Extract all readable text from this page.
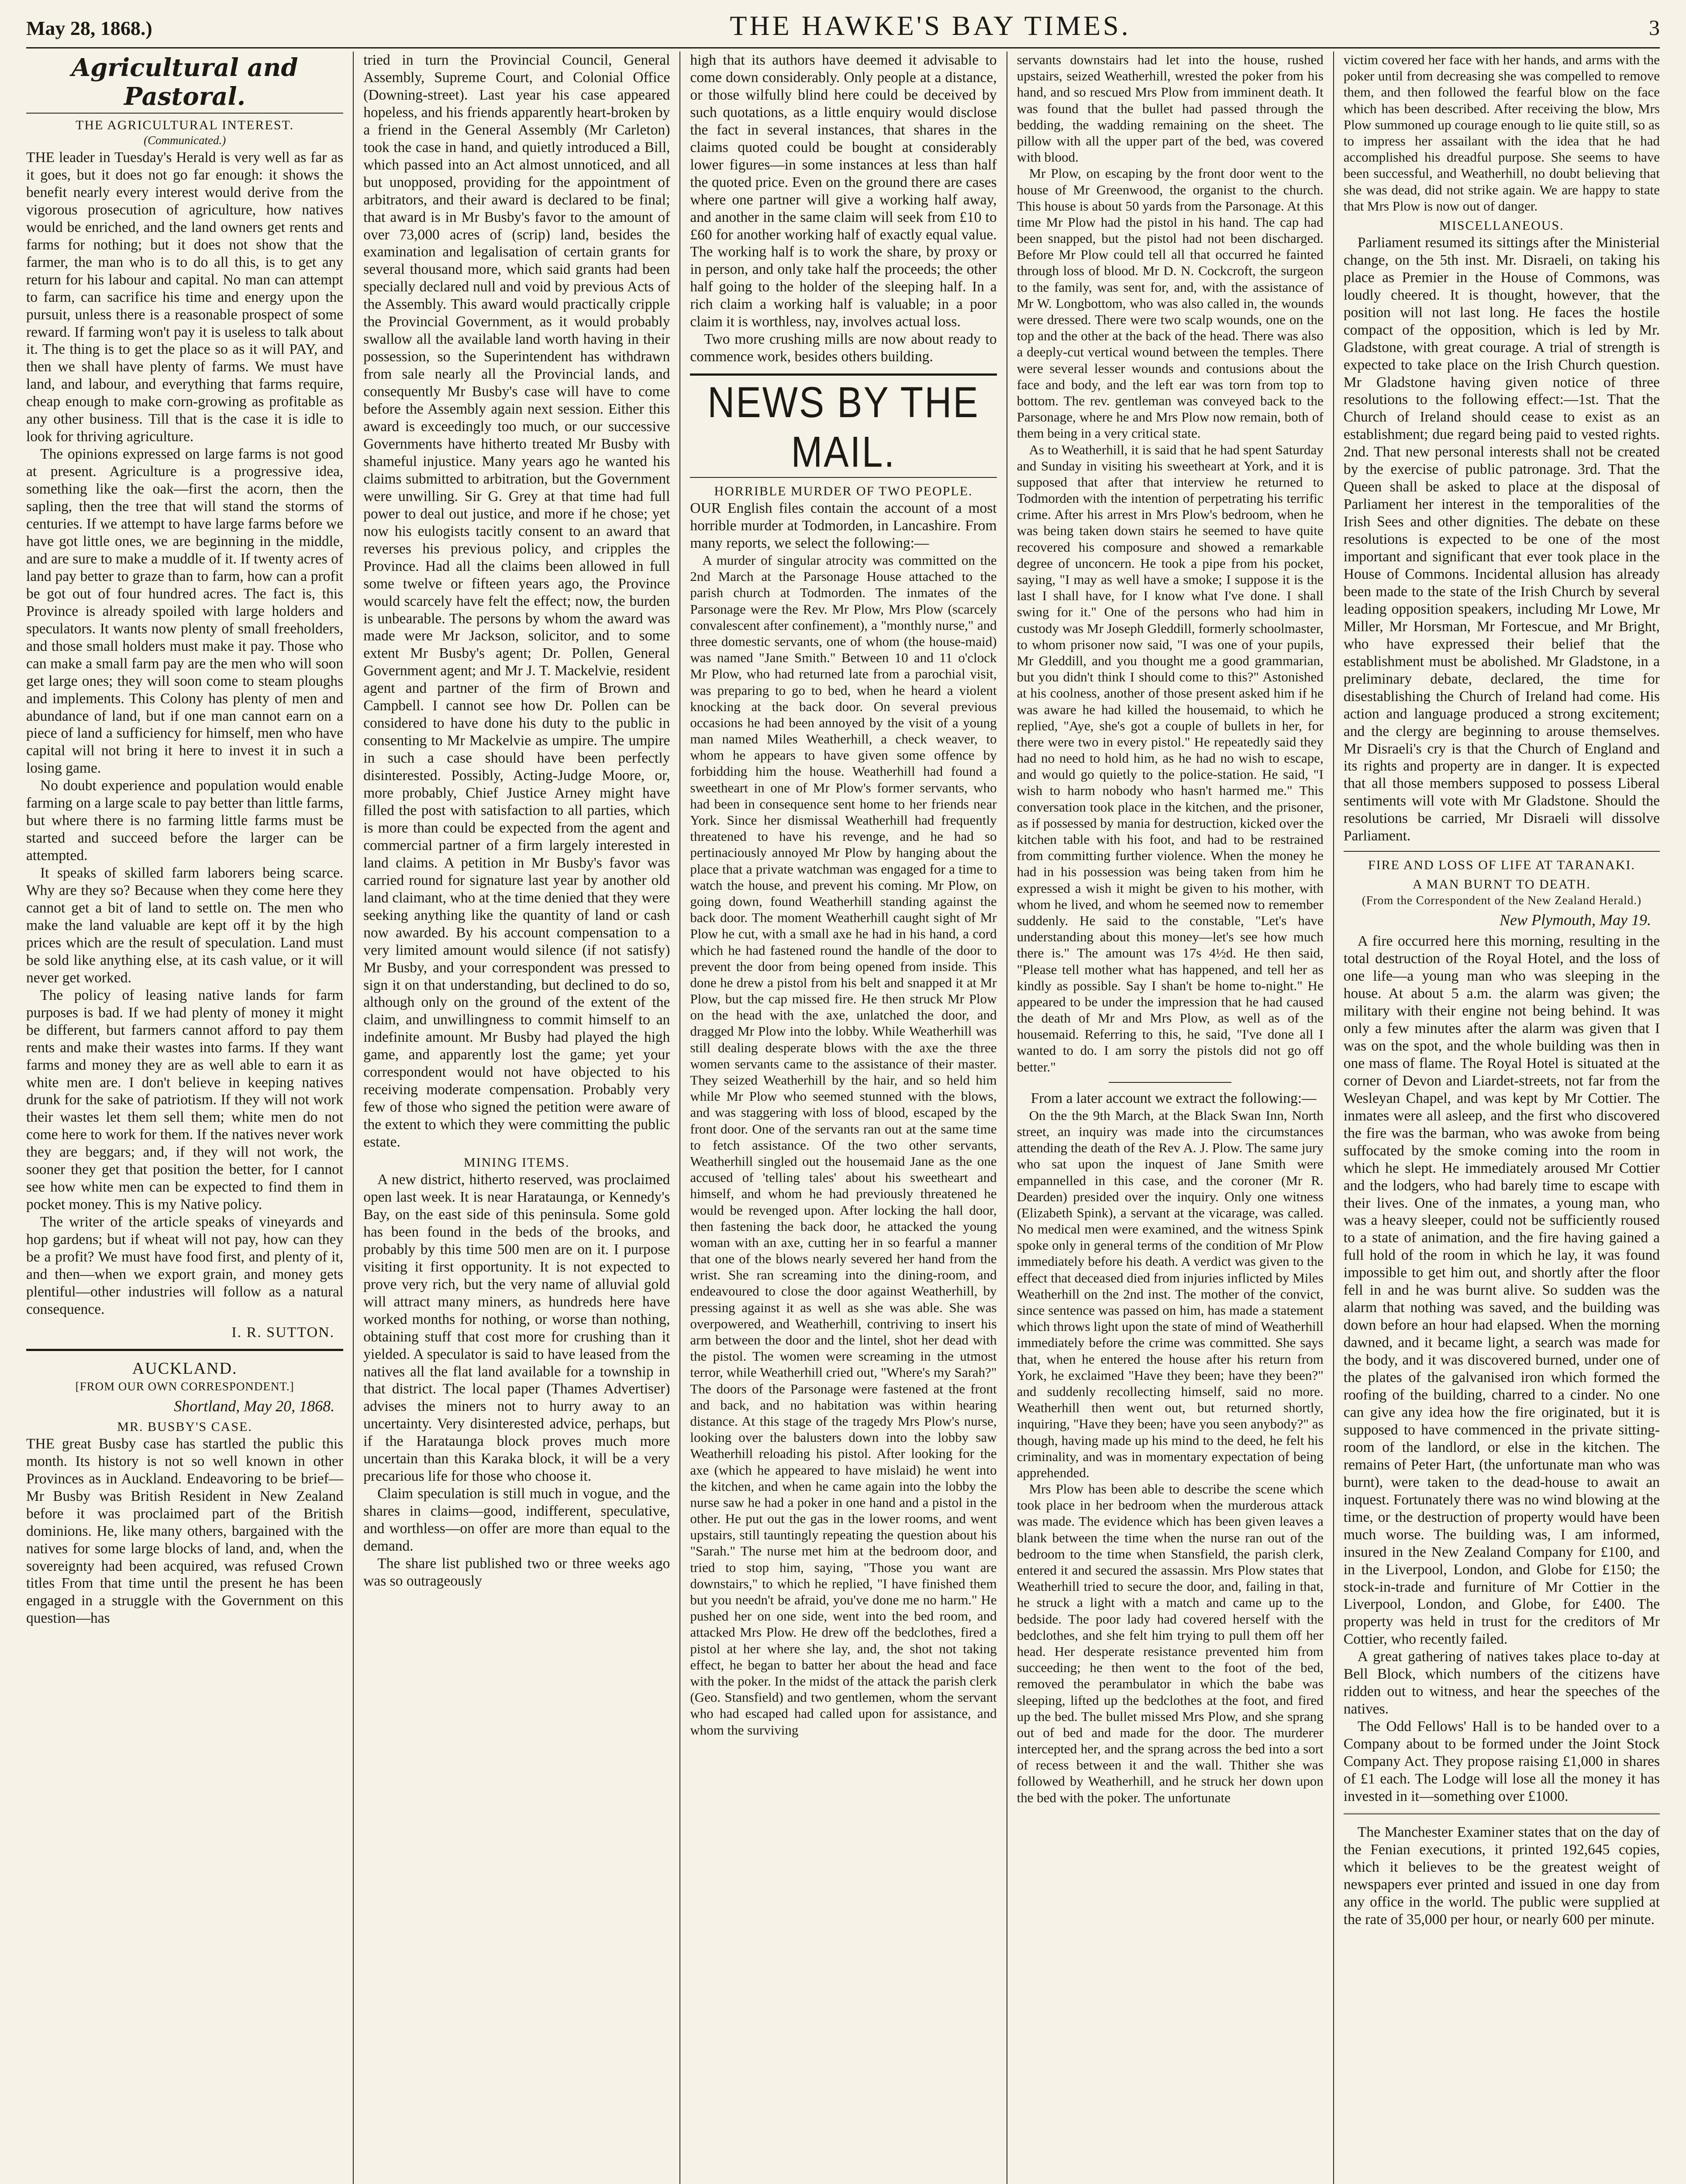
May 28, 1868.)	THE HAWKE'S BAY TIMES.	3
Agricultural and Pastoral.
THE AGRICULTURAL INTEREST.
(Communicated.)

THE leader in Tuesday's Herald is very well as far as it goes, but it does not go far enough: it shows the benefit nearly every interest would derive from the vigorous prosecution of agriculture, how natives would be enriched, and the land owners get rents and farms for nothing; but it does not show that the farmer, the man who is to do all this, is to get any return for his labour and capital. No man can attempt to farm, can sacrifice his time and energy upon the pursuit, unless there is a reasonable prospect of some reward. If farming won't pay it is useless to talk about it. The thing is to get the place so as it will PAY, and then we shall have plenty of farms. We must have land, and labour, and everything that farms require, cheap enough to make corn-growing as profitable as any other business. Till that is the case it is idle to look for thriving agriculture.

The opinions expressed on large farms is not good at present. Agriculture is a progressive idea, something like the oak—first the acorn, then the sapling, then the tree that will stand the storms of centuries. If we attempt to have large farms before we have got little ones, we are beginning in the middle, and are sure to make a muddle of it. If twenty acres of land pay better to graze than to farm, how can a profit be got out of four hundred acres. The fact is, this Province is already spoiled with large holders and speculators. It wants now plenty of small freeholders, and those small holders must make it pay. Those who can make a small farm pay are the men who will soon get large ones; they will soon come to steam ploughs and implements. This Colony has plenty of men and abundance of land, but if one man cannot earn on a piece of land a sufficiency for himself, men who have capital will not bring it here to invest it in such a losing game.

No doubt experience and population would enable farming on a large scale to pay better than little farms, but where there is no farming little farms must be started and succeed before the larger can be attempted.

It speaks of skilled farm laborers being scarce. Why are they so? Because when they come here they cannot get a bit of land to settle on. The men who make the land valuable are kept off it by the high prices which are the result of speculation. Land must be sold like anything else, at its cash value, or it will never get worked.

The policy of leasing native lands for farm purposes is bad. If we had plenty of money it might be different, but farmers cannot afford to pay them rents and make their wastes into farms. If they want farms and money they are as well able to earn it as white men are. I don't believe in keeping natives drunk for the sake of patriotism. If they will not work their wastes let them sell them; white men do not come here to work for them. If the natives never work they are beggars; and, if they will not work, the sooner they get that position the better, for I cannot see how white men can be expected to find them in pocket money. This is my Native policy.

The writer of the article speaks of vineyards and hop gardens; but if wheat will not pay, how can they be a profit? We must have food first, and plenty of it, and then—when we export grain, and money gets plentiful—other industries will follow as a natural consequence.

I. R. SUTTON.
AUCKLAND.
[FROM OUR OWN CORRESPONDENT.]
Shortland, May 20, 1868.
MR. BUSBY'S CASE.

THE great Busby case has startled the public this month. Its history is not so well known in other Provinces as in Auckland. Endeavoring to be brief—Mr Busby was British Resident in New Zealand before it was proclaimed part of the British dominions. He, like many others, bargained with the natives for some large blocks of land, and, when the sovereignty had been acquired, was refused Crown titles From that time until the present he has been engaged in a struggle with the Government on this question—has

tried in turn the Provincial Council, General Assembly, Supreme Court, and Colonial Office (Downing-street). Last year his case appeared hopeless, and his friends apparently heart-broken by a friend in the General Assembly (Mr Carleton) took the case in hand, and quietly introduced a Bill, which passed into an Act almost unnoticed, and all but unopposed, providing for the appointment of arbitrators, and their award is declared to be final; that award is in Mr Busby's favor to the amount of over 73,000 acres of (scrip) land, besides the examination and legalisation of certain grants for several thousand more, which said grants had been specially declared null and void by previous Acts of the Assembly. This award would practically cripple the Provincial Government, as it would probably swallow all the available land worth having in their possession, so the Superintendent has withdrawn from sale nearly all the Provincial lands, and consequently Mr Busby's case will have to come before the Assembly again next session. Either this award is exceedingly too much, or our successive Governments have hitherto treated Mr Busby with shameful injustice. Many years ago he wanted his claims submitted to arbitration, but the Government were unwilling. Sir G. Grey at that time had full power to deal out justice, and more if he chose; yet now his eulogists tacitly consent to an award that reverses his previous policy, and cripples the Province. Had all the claims been allowed in full some twelve or fifteen years ago, the Province would scarcely have felt the effect; now, the burden is unbearable. The persons by whom the award was made were Mr Jackson, solicitor, and to some extent Mr Busby's agent; Dr. Pollen, General Government agent; and Mr J. T. Mackelvie, resident agent and partner of the firm of Brown and Campbell. I cannot see how Dr. Pollen can be considered to have done his duty to the public in consenting to Mr Mackelvie as umpire. The umpire in such a case should have been perfectly disinterested. Possibly, Acting-Judge Moore, or, more probably, Chief Justice Arney might have filled the post with satisfaction to all parties, which is more than could be expected from the agent and commercial partner of a firm largely interested in land claims. A petition in Mr Busby's favor was carried round for signature last year by another old land claimant, who at the time denied that they were seeking anything like the quantity of land or cash now awarded. By his account compensation to a very limited amount would silence (if not satisfy) Mr Busby, and your correspondent was pressed to sign it on that understanding, but declined to do so, although only on the ground of the extent of the claim, and unwillingness to commit himself to an indefinite amount. Mr Busby had played the high game, and apparently lost the game; yet your correspondent would not have objected to his receiving moderate compensation. Probably very few of those who signed the petition were aware of the extent to which they were committing the public estate.

MINING ITEMS.

A new district, hitherto reserved, was proclaimed open last week. It is near Harataunga, or Kennedy's Bay, on the east side of this peninsula. Some gold has been found in the beds of the brooks, and probably by this time 500 men are on it. I purpose visiting it first opportunity. It is not expected to prove very rich, but the very name of alluvial gold will attract many miners, as hundreds here have worked months for nothing, or worse than nothing, obtaining stuff that cost more for crushing than it yielded. A speculator is said to have leased from the natives all the flat land available for a township in that district. The local paper (Thames Advertiser) advises the miners not to hurry away to an uncertainty. Very disinterested advice, perhaps, but if the Harataunga block proves much more uncertain than this Karaka block, it will be a very precarious life for those who choose it.

Claim speculation is still much in vogue, and the shares in claims—good, indifferent, speculative, and worthless—on offer are more than equal to the demand.

The share list published two or three weeks ago was so outrageously

high that its authors have deemed it advisable to come down considerably. Only people at a distance, or those wilfully blind here could be deceived by such quotations, as a little enquiry would disclose the fact in several instances, that shares in the claims quoted could be bought at considerably lower figures—in some instances at less than half the quoted price. Even on the ground there are cases where one partner will give a working half away, and another in the same claim will seek from £10 to £60 for another working half of exactly equal value. The working half is to work the share, by proxy or in person, and only take half the proceeds; the other half going to the holder of the sleeping half. In a rich claim a working half is valuable; in a poor claim it is worthless, nay, involves actual loss.

Two more crushing mills are now about ready to commence work, besides others building.

NEWS BY THE MAIL.
HORRIBLE MURDER OF TWO PEOPLE.

OUR English files contain the account of a most horrible murder at Todmorden, in Lancashire. From many reports, we select the following:—

A murder of singular atrocity was committed on the 2nd March at the Parsonage House attached to the parish church at Todmorden. The inmates of the Parsonage were the Rev. Mr Plow, Mrs Plow (scarcely convalescent after confinement), a "monthly nurse," and three domestic servants, one of whom (the house-maid) was named "Jane Smith." Between 10 and 11 o'clock Mr Plow, who had returned late from a parochial visit, was preparing to go to bed, when he heard a violent knocking at the back door. On several previous occasions he had been annoyed by the visit of a young man named Miles Weatherhill, a check weaver, to whom he appears to have given some offence by forbidding him the house. Weatherhill had found a sweetheart in one of Mr Plow's former servants, who had been in consequence sent home to her friends near York. Since her dismissal Weatherhill had frequently threatened to have his revenge, and he had so pertinaciously annoyed Mr Plow by hanging about the place that a private watchman was engaged for a time to watch the house, and prevent his coming. Mr Plow, on going down, found Weatherhill standing against the back door. The moment Weatherhill caught sight of Mr Plow he cut, with a small axe he had in his hand, a cord which he had fastened round the handle of the door to prevent the door from being opened from inside. This done he drew a pistol from his belt and snapped it at Mr Plow, but the cap missed fire. He then struck Mr Plow on the head with the axe, unlatched the door, and dragged Mr Plow into the lobby. While Weatherhill was still dealing desperate blows with the axe the three women servants came to the assistance of their master. They seized Weatherhill by the hair, and so held him while Mr Plow who seemed stunned with the blows, and was staggering with loss of blood, escaped by the front door. One of the servants ran out at the same time to fetch assistance. Of the two other servants, Weatherhill singled out the housemaid Jane as the one accused of 'telling tales' about his sweetheart and himself, and whom he had previously threatened he would be revenged upon. After locking the hall door, then fastening the back door, he attacked the young woman with an axe, cutting her in so fearful a manner that one of the blows nearly severed her hand from the wrist. She ran screaming into the dining-room, and endeavoured to close the door against Weatherhill, by pressing against it as well as she was able. She was overpowered, and Weatherhill, contriving to insert his arm between the door and the lintel, shot her dead with the pistol. The women were screaming in the utmost terror, while Weatherhill cried out, "Where's my Sarah?" The doors of the Parsonage were fastened at the front and back, and no habitation was within hearing distance. At this stage of the tragedy Mrs Plow's nurse, looking over the balusters down into the lobby saw Weatherhill reloading his pistol. After looking for the axe (which he appeared to have mislaid) he went into the kitchen, and when he came again into the lobby the nurse saw he had a poker in one hand and a pistol in the other. He put out the gas in the lower rooms, and went upstairs, still tauntingly repeating the question about his "Sarah." The nurse met him at the bedroom door, and tried to stop him, saying, "Those you want are downstairs," to which he replied, "I have finished them but you needn't be afraid, you've done me no harm." He pushed her on one side, went into the bed room, and attacked Mrs Plow. He drew off the bedclothes, fired a pistol at her where she lay, and, the shot not taking effect, he began to batter her about the head and face with the poker. In the midst of the attack the parish clerk (Geo. Stansfield) and two gentlemen, whom the servant who had escaped had called upon for assistance, and whom the surviving

servants downstairs had let into the house, rushed upstairs, seized Weatherhill, wrested the poker from his hand, and so rescued Mrs Plow from imminent death. It was found that the bullet had passed through the bedding, the wadding remaining on the sheet. The pillow with all the upper part of the bed, was covered with blood.

Mr Plow, on escaping by the front door went to the house of Mr Greenwood, the organist to the church. This house is about 50 yards from the Parsonage. At this time Mr Plow had the pistol in his hand. The cap had been snapped, but the pistol had not been discharged. Before Mr Plow could tell all that occurred he fainted through loss of blood. Mr D. N. Cockcroft, the surgeon to the family, was sent for, and, with the assistance of Mr W. Longbottom, who was also called in, the wounds were dressed. There were two scalp wounds, one on the top and the other at the back of the head. There was also a deeply-cut vertical wound between the temples. There were several lesser wounds and contusions about the face and body, and the left ear was torn from top to bottom. The rev. gentleman was conveyed back to the Parsonage, where he and Mrs Plow now remain, both of them being in a very critical state.

As to Weatherhill, it is said that he had spent Saturday and Sunday in visiting his sweetheart at York, and it is supposed that after that interview he returned to Todmorden with the intention of perpetrating his terrific crime. After his arrest in Mrs Plow's bedroom, when he was being taken down stairs he seemed to have quite recovered his composure and showed a remarkable degree of unconcern. He took a pipe from his pocket, saying, "I may as well have a smoke; I suppose it is the last I shall have, for I know what I've done. I shall swing for it." One of the persons who had him in custody was Mr Joseph Gleddill, formerly schoolmaster, to whom prisoner now said, "I was one of your pupils, Mr Gleddill, and you thought me a good grammarian, but you didn't think I should come to this?" Astonished at his coolness, another of those present asked him if he was aware he had killed the housemaid, to which he replied, "Aye, she's got a couple of bullets in her, for there were two in every pistol." He repeatedly said they had no need to hold him, as he had no wish to escape, and would go quietly to the police-station. He said, "I wish to harm nobody who hasn't harmed me." This conversation took place in the kitchen, and the prisoner, as if possessed by mania for destruction, kicked over the kitchen table with his foot, and had to be restrained from committing further violence. When the money he had in his possession was being taken from him he expressed a wish it might be given to his mother, with whom he lived, and whom he seemed now to remember suddenly. He said to the constable, "Let's have understanding about this money—let's see how much there is." The amount was 17s 4½d. He then said, "Please tell mother what has happened, and tell her as kindly as possible. Say I shan't be home to-night." He appeared to be under the impression that he had caused the death of Mr and Mrs Plow, as well as of the housemaid. Referring to this, he said, "I've done all I wanted to do. I am sorry the pistols did not go off better."

From a later account we extract the following:—

On the the 9th March, at the Black Swan Inn, North street, an inquiry was made into the circumstances attending the death of the Rev A. J. Plow. The same jury who sat upon the inquest of Jane Smith were empannelled in this case, and the coroner (Mr R. Dearden) presided over the inquiry. Only one witness (Elizabeth Spink), a servant at the vicarage, was called. No medical men were examined, and the witness Spink spoke only in general terms of the condition of Mr Plow immediately before his death. A verdict was given to the effect that deceased died from injuries inflicted by Miles Weatherhill on the 2nd inst. The mother of the convict, since sentence was passed on him, has made a statement which throws light upon the state of mind of Weatherhill immediately before the crime was committed. She says that, when he entered the house after his return from York, he exclaimed "Have they been; have they been?" and suddenly recollecting himself, said no more. Weatherhill then went out, but returned shortly, inquiring, "Have they been; have you seen anybody?" as though, having made up his mind to the deed, he felt his criminality, and was in momentary expectation of being apprehended.

Mrs Plow has been able to describe the scene which took place in her bedroom when the murderous attack was made. The evidence which has been given leaves a blank between the time when the nurse ran out of the bedroom to the time when Stansfield, the parish clerk, entered it and secured the assassin. Mrs Plow states that Weatherhill tried to secure the door, and, failing in that, he struck a light with a match and came up to the bedside. The poor lady had covered herself with the bedclothes, and she felt him trying to pull them off her head. Her desperate resistance prevented him from succeeding; he then went to the foot of the bed, removed the perambulator in which the babe was sleeping, lifted up the bedclothes at the foot, and fired up the bed. The bullet missed Mrs Plow, and she sprang out of bed and made for the door. The murderer intercepted her, and the sprang across the bed into a sort of recess between it and the wall. Thither she was followed by Weatherhill, and he struck her down upon the bed with the poker. The unfortunate

victim covered her face with her hands, and arms with the poker until from decreasing she was compelled to remove them, and then followed the fearful blow on the face which has been described. After receiving the blow, Mrs Plow summoned up courage enough to lie quite still, so as to impress her assailant with the idea that he had accomplished his dreadful purpose. She seems to have been successful, and Weatherhill, no doubt believing that she was dead, did not strike again. We are happy to state that Mrs Plow is now out of danger.

MISCELLANEOUS.

Parliament resumed its sittings after the Ministerial change, on the 5th inst. Mr. Disraeli, on taking his place as Premier in the House of Commons, was loudly cheered. It is thought, however, that the position will not last long. He faces the hostile compact of the opposition, which is led by Mr. Gladstone, with great courage. A trial of strength is expected to take place on the Irish Church question. Mr Gladstone having given notice of three resolutions to the following effect:—1st. That the Church of Ireland should cease to exist as an establishment; due regard being paid to vested rights. 2nd. That new personal interests shall not be created by the exercise of public patronage. 3rd. That the Queen shall be asked to place at the disposal of Parliament her interest in the temporalities of the Irish Sees and other dignities. The debate on these resolutions is expected to be one of the most important and significant that ever took place in the House of Commons. Incidental allusion has already been made to the state of the Irish Church by several leading opposition speakers, including Mr Lowe, Mr Miller, Mr Horsman, Mr Fortescue, and Mr Bright, who have expressed their belief that the establishment must be abolished. Mr Gladstone, in a preliminary debate, declared, the time for disestablishing the Church of Ireland had come. His action and language produced a strong excitement; and the clergy are beginning to arouse themselves. Mr Disraeli's cry is that the Church of England and its rights and property are in danger. It is expected that all those members supposed to possess Liberal sentiments will vote with Mr Gladstone. Should the resolutions be carried, Mr Disraeli will dissolve Parliament.

FIRE AND LOSS OF LIFE AT TARANAKI.
A MAN BURNT TO DEATH.
(From the Correspondent of the New Zealand Herald.)
New Plymouth, May 19.

A fire occurred here this morning, resulting in the total destruction of the Royal Hotel, and the loss of one life—a young man who was sleeping in the house. At about 5 a.m. the alarm was given; the military with their engine not being behind. It was only a few minutes after the alarm was given that I was on the spot, and the whole building was then in one mass of flame. The Royal Hotel is situated at the corner of Devon and Liardet-streets, not far from the Wesleyan Chapel, and was kept by Mr Cottier. The inmates were all asleep, and the first who discovered the fire was the barman, who was awoke from being suffocated by the smoke coming into the room in which he slept. He immediately aroused Mr Cottier and the lodgers, who had barely time to escape with their lives. One of the inmates, a young man, who was a heavy sleeper, could not be sufficiently roused to a state of animation, and the fire having gained a full hold of the room in which he lay, it was found impossible to get him out, and shortly after the floor fell in and he was burnt alive. So sudden was the alarm that nothing was saved, and the building was down before an hour had elapsed. When the morning dawned, and it became light, a search was made for the body, and it was discovered burned, under one of the plates of the galvanised iron which formed the roofing of the building, charred to a cinder. No one can give any idea how the fire originated, but it is supposed to have commenced in the private sitting-room of the landlord, or else in the kitchen. The remains of Peter Hart, (the unfortunate man who was burnt), were taken to the dead-house to await an inquest. Fortunately there was no wind blowing at the time, or the destruction of property would have been much worse. The building was, I am informed, insured in the New Zealand Company for £100, and in the Liverpool, London, and Globe for £150; the stock-in-trade and furniture of Mr Cottier in the Liverpool, London, and Globe, for £400. The property was held in trust for the creditors of Mr Cottier, who recently failed.

A great gathering of natives takes place to-day at Bell Block, which numbers of the citizens have ridden out to witness, and hear the speeches of the natives.

The Odd Fellows' Hall is to be handed over to a Company about to be formed under the Joint Stock Company Act. They propose raising £1,000 in shares of £1 each. The Lodge will lose all the money it has invested in it—something over £1000.

The Manchester Examiner states that on the day of the Fenian executions, it printed 192,645 copies, which it believes to be the greatest weight of newspapers ever printed and issued in one day from any office in the world. The public were supplied at the rate of 35,000 per hour, or nearly 600 per minute.
